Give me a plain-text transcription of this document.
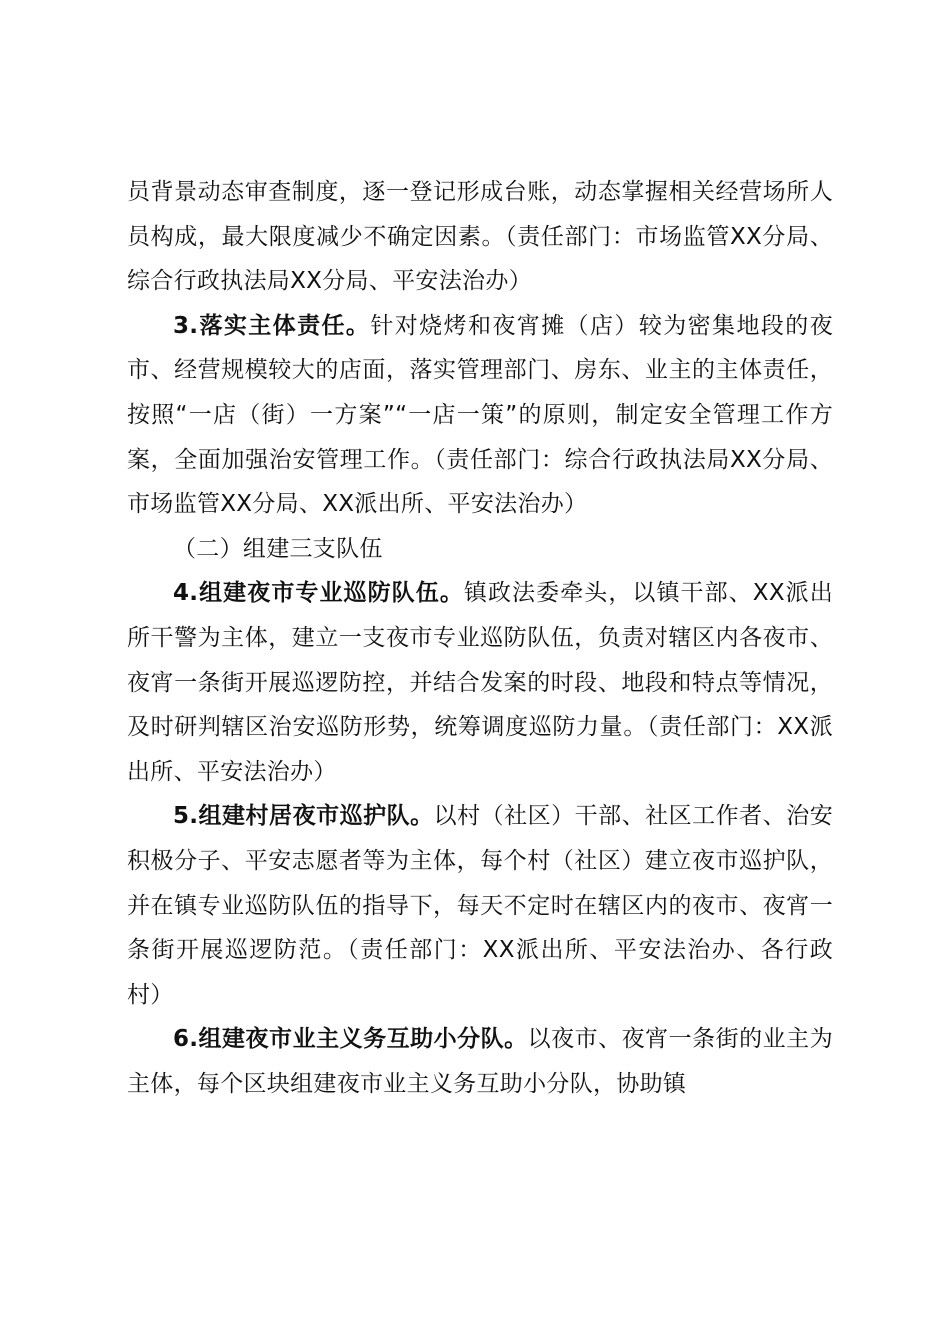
员背景动态审查制度，逐一登记形成台账，动态掌握相关经营场所人员构成，最大限度减少不确定因素。（责任部门：市场监管XX分局、综合行政执法局XX分局、平安法治办）

3.落实主体责任。针对烧烤和夜宵摊（店）较为密集地段的夜市、经营规模较大的店面，落实管理部门、房东、业主的主体责任，按照“一店（街）一方案”“一店一策”的原则，制定安全管理工作方案，全面加强治安管理工作。（责任部门：综合行政执法局XX分局、市场监管XX分局、XX派出所、平安法治办）

（二）组建三支队伍

4.组建夜市专业巡防队伍。镇政法委牵头，以镇干部、XX派出所干警为主体，建立一支夜市专业巡防队伍，负责对辖区内各夜市、夜宵一条街开展巡逻防控，并结合发案的时段、地段和特点等情况，及时研判辖区治安巡防形势，统筹调度巡防力量。（责任部门：XX派出所、平安法治办）

5.组建村居夜市巡护队。以村（社区）干部、社区工作者、治安积极分子、平安志愿者等为主体，每个村（社区）建立夜市巡护队，并在镇专业巡防队伍的指导下，每天不定时在辖区内的夜市、夜宵一条街开展巡逻防范。（责任部门：XX派出所、平安法治办、各行政村）

6.组建夜市业主义务互助小分队。以夜市、夜宵一条街的业主为主体，每个区块组建夜市业主义务互助小分队，协助镇
